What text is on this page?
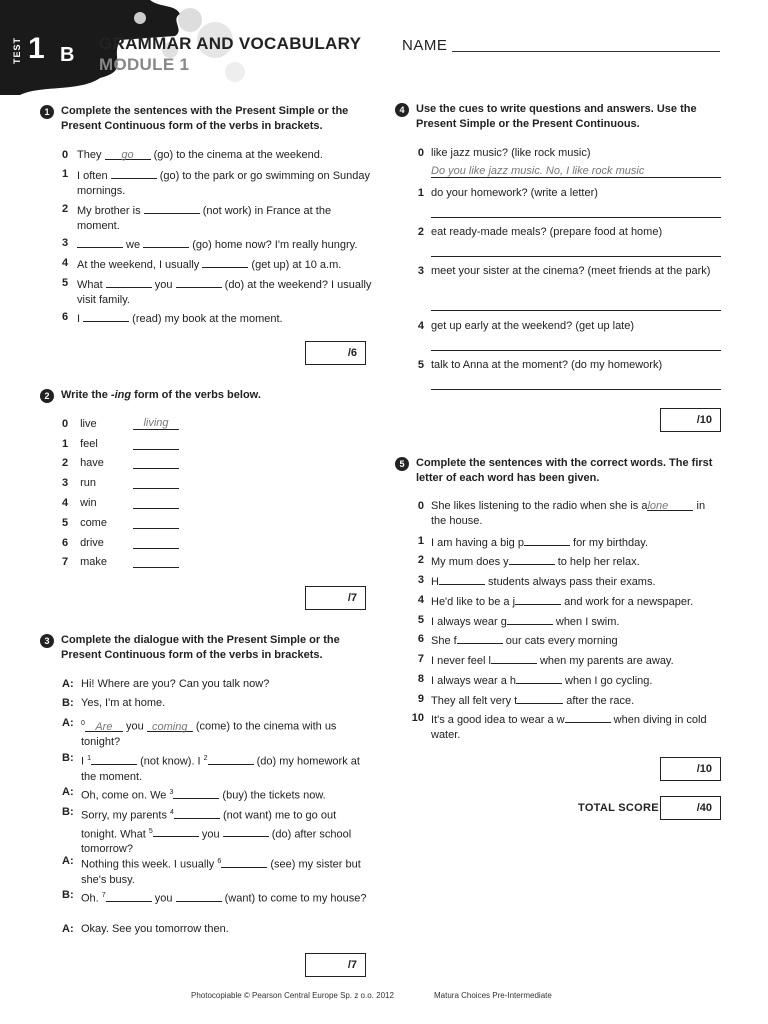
TEST 1 B
GRAMMAR AND VOCABULARY
MODULE 1
NAME
1	Complete the sentences with the Present Simple or the Present Continuous form of the verbs in brackets.
0 They go (go) to the cinema at the weekend.
1 I often	(go) to the park or go swimming on Sunday mornings.
2 My brother is	(not work) in France at the moment.
3	we	(go) home now? I'm really hungry.
4 At the weekend, I usually	(get up) at 10 a.m.
5 What	you	(do) at the weekend? I usually visit family.
6 I	(read) my book at the moment.
/6
2	Write the -ing form of the verbs below.
0 live	living
1 feel
2 have
3 run
4 win
5 come
6 drive
7 make
/7
3	Complete the dialogue with the Present Simple or the Present Continuous form of the verbs in brackets.
A: Hi! Where are you? Can you talk now?
B: Yes, I'm at home.
A:	$^0$ Are you coming (come) to the cinema with us tonight?
B: I $^1$	(not know). I $^2$	(do) my homework at the moment.
A: Oh, come on. We $^3$	(buy) the tickets now.
B: Sorry, my parents $^4$	(not want) me to go out tonight. What $^5$	you	(do) after school tomorrow?
A: Nothing this week. I usually $^6$	(see) my sister but she's busy.
B: Oh. $^7$	you	(want) to come to my house?
A: Okay. See you tomorrow then.
/7
4	Use the cues to write questions and answers. Use the Present Simple or the Present Continuous.
0 like jazz music? (like rock music)
Do you like jazz music. No, I like rock music
1 do your homework? (write a letter)
2 eat ready-made meals? (prepare food at home)
3 meet your sister at the cinema? (meet friends at the park)
4 get up early at the weekend? (get up late)
5 talk to Anna at the moment? (do my homework)
/10
5	Complete the sentences with the correct words. The first letter of each word has been given.
0 She likes listening to the radio when she is alone in the house.
1 I am having a big p	for my birthday.
2 My mum does y	to help her relax.
3 H	students always pass their exams.
4 He'd like to be a j	and work for a newspaper.
5 I always wear g	when I swim.
6 She f	our cats every morning
7 I never feel l	when my parents are away.
8 I always wear a h	when I go cycling.
9 They all felt very t	after the race.
10 It's a good idea to wear a w	when diving in cold water.
/10
TOTAL SCORE	/40
Photocopiable © Pearson Central Europe Sp. z o.o. 2012	Matura Choices Pre-Intermediate
